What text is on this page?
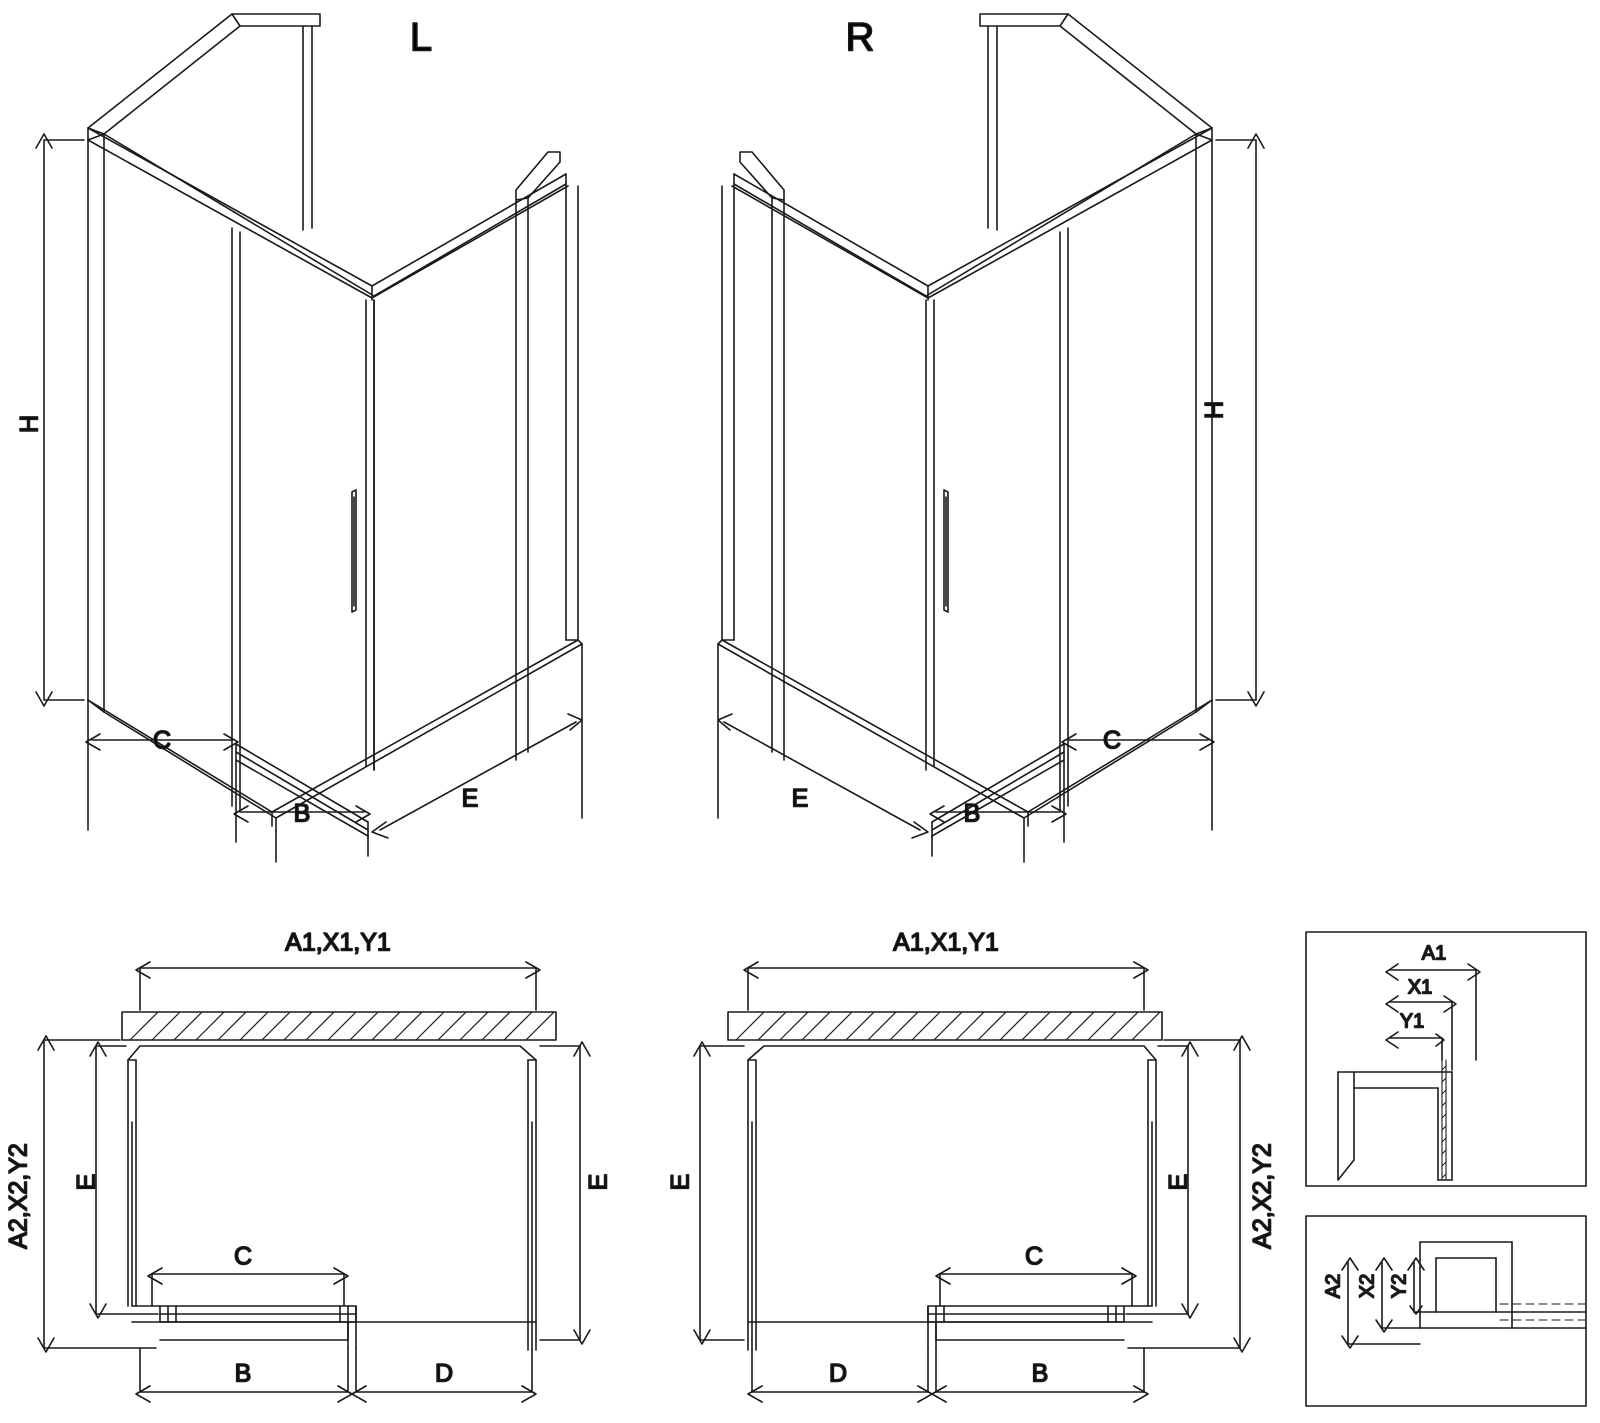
L
H
C
B
E
R
H
C
B
E
A1,X1,Y1
A2,X2,Y2 E	E
C
B	D
A1,X1,Y1
A2,X2,Y2
E
E
C
B
D
A1
X1
Y1
A2 X2 Y2
